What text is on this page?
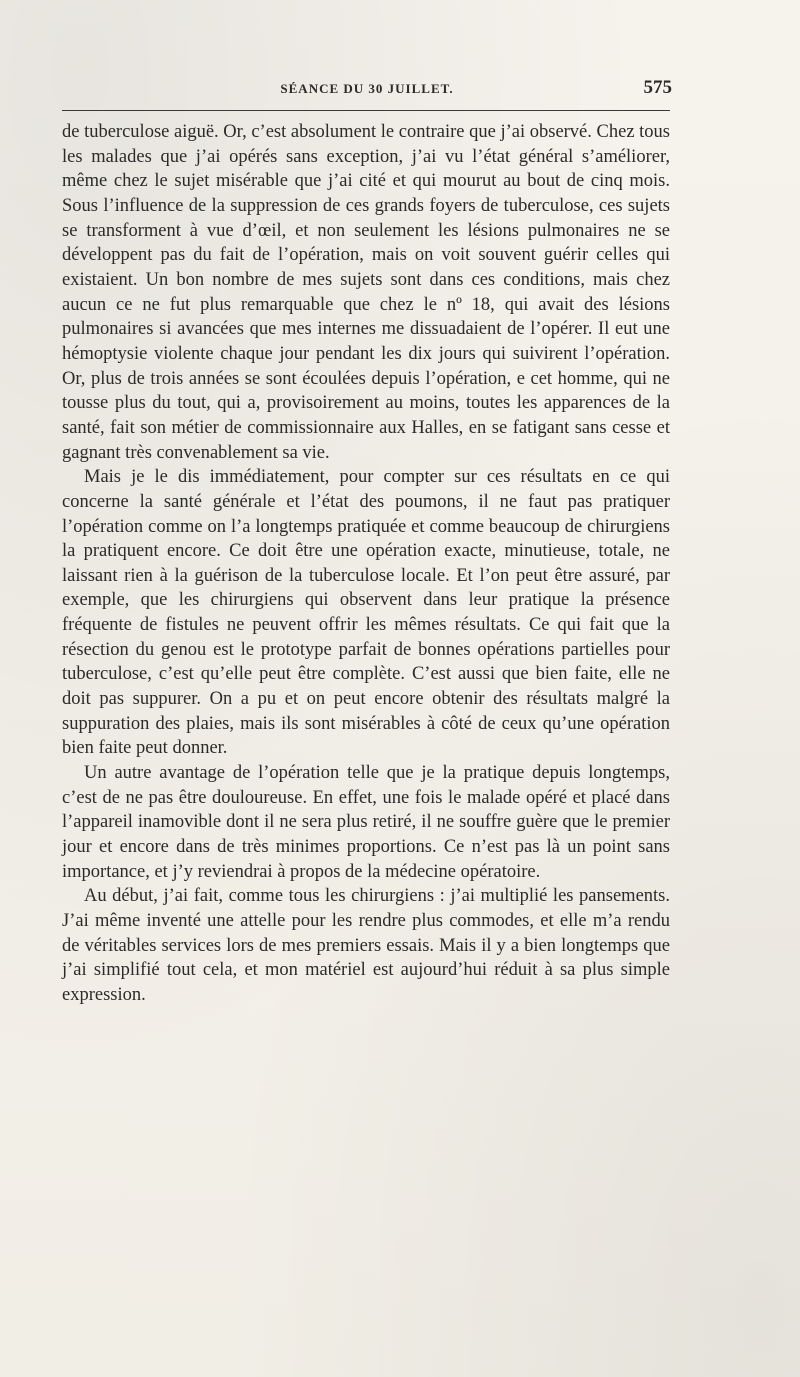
SÉANCE DU 30 JUILLET.	575

de tuberculose aiguë. Or, c’est absolument le contraire que j’ai observé. Chez tous les malades que j’ai opérés sans exception, j’ai vu l’état général s’améliorer, même chez le sujet misérable que j’ai cité et qui mourut au bout de cinq mois. Sous l’influence de la suppression de ces grands foyers de tuberculose, ces sujets se transforment à vue d’œil, et non seulement les lésions pulmonaires ne se développent pas du fait de l’opération, mais on voit souvent guérir celles qui existaient. Un bon nombre de mes sujets sont dans ces conditions, mais chez aucun ce ne fut plus remarquable que chez le nº 18, qui avait des lésions pulmonaires si avancées que mes internes me dissuadaient de l’opérer. Il eut une hémoptysie violente chaque jour pendant les dix jours qui suivirent l’opération. Or, plus de trois années se sont écoulées depuis l’opération, e cet homme, qui ne tousse plus du tout, qui a, provisoirement au moins, toutes les apparences de la santé, fait son métier de commissionnaire aux Halles, en se fatigant sans cesse et gagnant très convenablement sa vie.

Mais je le dis immédiatement, pour compter sur ces résultats en ce qui concerne la santé générale et l’état des poumons, il ne faut pas pratiquer l’opération comme on l’a longtemps pratiquée et comme beaucoup de chirurgiens la pratiquent encore. Ce doit être une opération exacte, minutieuse, totale, ne laissant rien à la guérison de la tuberculose locale. Et l’on peut être assuré, par exemple, que les chirurgiens qui observent dans leur pratique la présence fréquente de fistules ne peuvent offrir les mêmes résultats. Ce qui fait que la résection du genou est le prototype parfait de bonnes opérations partielles pour tuberculose, c’est qu’elle peut être complète. C’est aussi que bien faite, elle ne doit pas suppurer. On a pu et on peut encore obtenir des résultats malgré la suppuration des plaies, mais ils sont misérables à côté de ceux qu’une opération bien faite peut donner.

Un autre avantage de l’opération telle que je la pratique depuis longtemps, c’est de ne pas être douloureuse. En effet, une fois le malade opéré et placé dans l’appareil inamovible dont il ne sera plus retiré, il ne souffre guère que le premier jour et encore dans de très minimes proportions. Ce n’est pas là un point sans importance, et j’y reviendrai à propos de la médecine opératoire.

Au début, j’ai fait, comme tous les chirurgiens : j’ai multiplié les pansements. J’ai même inventé une attelle pour les rendre plus commodes, et elle m’a rendu de véritables services lors de mes premiers essais. Mais il y a bien longtemps que j’ai simplifié tout cela, et mon matériel est aujourd’hui réduit à sa plus simple expression.
